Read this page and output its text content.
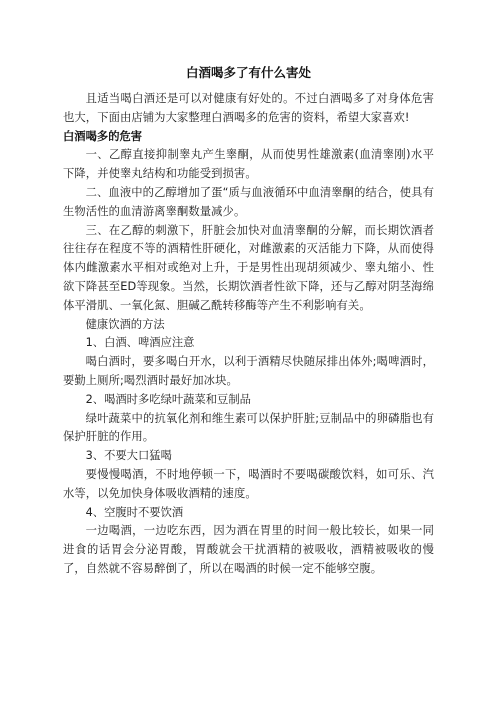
白酒喝多了有什么害处

且适当喝白酒还是可以对健康有好处的。不过白酒喝多了对身体危害也大，下面由店铺为大家整理白酒喝多的危害的资料，希望大家喜欢!

白酒喝多的危害

一、乙醇直接抑制睾丸产生睾酮，从而使男性雄激素(血清睾刚)水平下降，并使睾丸结构和功能受到损害。

二、血液中的乙醇增加了蛋“质与血液循环中血清睾酮的结合，使具有生物活性的血清游离睾酮数量减少。

三、在乙醇的刺激下，肝脏会加快对血清睾酮的分解，而长期饮酒者往往存在程度不等的酒精性肝硬化，对雌激素的灭活能力下降，从而使得体内雌激素水平相对或绝对上升，于是男性出现胡须减少、睾丸缩小、性欲下降甚至ED等现象。当然，长期饮酒者性欲下降，还与乙醇对阴茎海绵体平滑肌、一氧化氮、胆碱乙酰转移酶等产生不利影响有关。

健康饮酒的方法

1、白酒、啤酒应注意

喝白酒时，要多喝白开水，以利于酒精尽快随尿排出体外;喝啤酒时，要勤上厕所;喝烈酒时最好加冰块。

2、喝酒时多吃绿叶蔬菜和豆制品

绿叶蔬菜中的抗氧化剂和维生素可以保护肝脏;豆制品中的卵磷脂也有保护肝脏的作用。

3、不要大口猛喝

要慢慢喝酒，不时地停顿一下，喝酒时不要喝碳酸饮料，如可乐、汽水等，以免加快身体吸收酒精的速度。

4、空腹时不要饮酒

一边喝酒，一边吃东西，因为酒在胃里的时间一般比较长，如果一同进食的话胃会分泌胃酸，胃酸就会干扰酒精的被吸收，酒精被吸收的慢了，自然就不容易醉倒了，所以在喝酒的时候一定不能够空腹。
